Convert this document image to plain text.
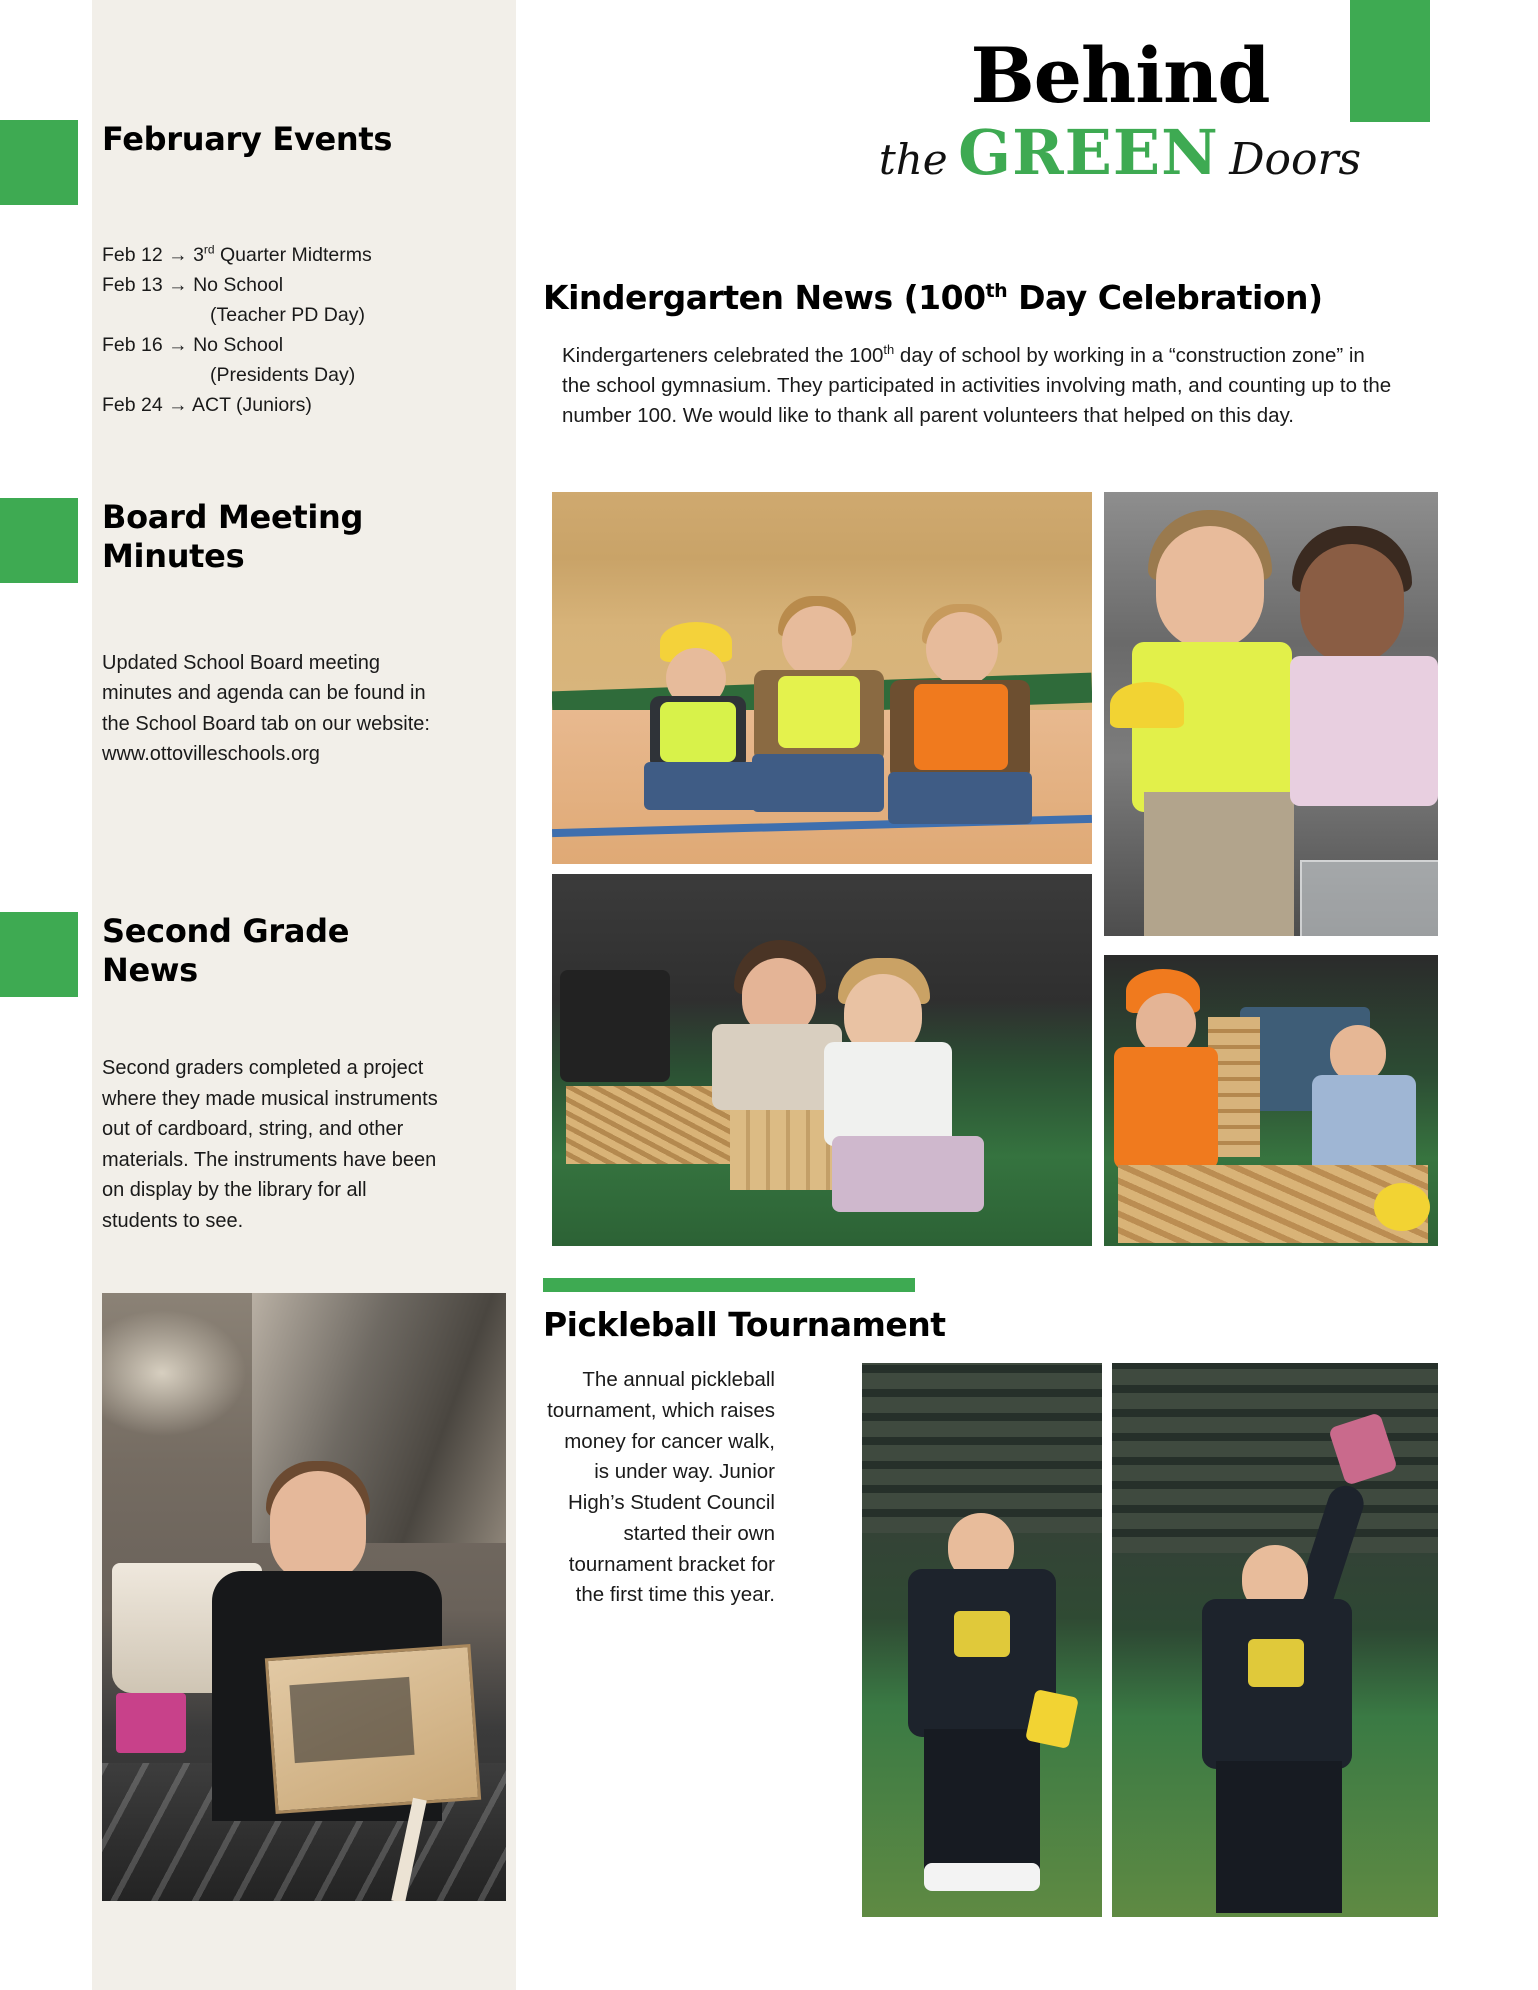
February Events
Feb 12 → 3rd Quarter Midterms
Feb 13 → No School
(Teacher PD Day)
Feb 16 → No School
(Presidents Day)
Feb 24 → ACT (Juniors)
Board Meeting Minutes
Updated School Board meeting minutes and agenda can be found in the School Board tab on our website: www.ottovilleschools.org
Second Grade News
Second graders completed a project where they made musical instruments out of cardboard, string, and other materials. The instruments have been on display by the library for all students to see.
Behind
the GREEN Doors
Kindergarten News (100th Day Celebration)
Kindergarteners celebrated the 100th day of school by working in a “construction zone” in the school gymnasium. They participated in activities involving math, and counting up to the number 100. We would like to thank all parent volunteers that helped on this day.
Pickleball Tournament
The annual pickleball tournament, which raises money for cancer walk, is under way. Junior High’s Student Council started their own tournament bracket for the first time this year.
